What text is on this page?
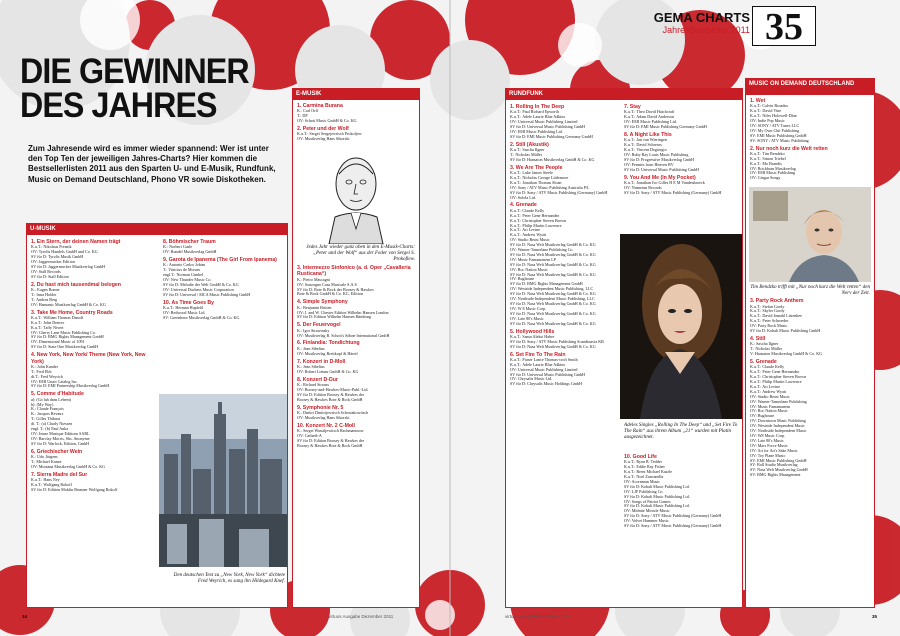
GEMA CHARTS
Jahresbestseller 2011 35
DIE GEWINNER
DES JAHRES
Zum Jahresende wird es immer wieder spannend: Wer ist unter den Top Ten der jeweiligen Jahres-Charts? Hier kommen die Bestsellerlisten 2011 aus den Sparten U- und E-Musik, Rundfunk, Music on Demand Deutschland, Phono VR sowie Diskotheken.
U-MUSIK
1. Ein Stern, der deinen Namen trägt
K.u.T.: Nikolaus Presnik
OV: Tyrolis Handels GmbH und Co. KG
SV für D: Tyrolis Musik GmbH
OV: Jaggermucker Edition
SV für D: Jaggermucker Musikverlag GmbH
OV: Stall Records
SV für D: Stall Edition
2. Du hast mich tausendmal belogen
K.: Eugen Romer
T.: Irma Holder
T.: Andrea Berg
OV: Hansanic Musikverlag GmbH & Co. KG
3. Take Me Home, Country Roads
K.u.T.: William Thomas Danoff
K.u.T.: John Denver
K.u.T.: Taffy Nivert
OV: Cherry Lane Music Publishing Co.
SV für D: BMG Rights Management GmbH
OV: Dimensional Music of 1091
SV für D: State One Musikverlag GmbH
4. New York, New York/ Theme (New York, New York)
K.: John Kander
T.: Fred Ebb
dt.T.: Fred Weyrich
OV: EMI Unart Catalog Inc.
SV für D: EMI Partnership Musikverlag GmbH
5. Comme d'Habitude
a): (Go lah dans Lebem)
b): (My Way)
K.: Claude François
K.: Jacques Revaux
T.: Gilles Thibaut
dt. T.: (a) Charly Niessen
engl. T.: (b) Paul Anka
OV: Jeune Musique Editions SARL
OV: Barclay Morris, Shs. Anonyme
SV für D: Warlock, Edition, GmbH
6. Griechischer Wein
K.: Udo Jürgens
T.: Michael Kunze
OV: Montana Musikverlag GmbH & Co. KG
7. Sierra Madre del Sur
K.u.T.: Hans Ney
K.u.T.: Wolfgang Rokoff
SV für D: Edition Moklin Brunner Wolfgang Rokoff
8. Böhmischer Traum
K.: Norbert Gasle
OV: Rundel Musikverlag GmbH
9. Garota de Ipanema (The Girl From Ipanema)
K.: Antonio Carlos Jobim
T.: Vinicius de Moraes
engl.T.: Norman Gimbel
OV: New Thunder Music Co.
SV für D: Melodie der Welt GmbH & Co. KG
OV: Universal Duchess Music Corporation
SV für D: Universal / MCA Music Publishing GmbH
10. As Time Goes By
K.u.T.: Herman Hupfeld
OV: Redwood Music Ltd.
SV: Greenhorn Musikverlag GmbH & Co. KG
Den deutschen Text zu „New York, New York“ dichtete Fred Weyrich, es sang ihn Hildegard Knef.
E-MUSIK
1. Carmina Burana
K.: Carl Orff
T.: DP
OV: Schott Music GmbH & Co. KG
2. Peter und der Wolf
K.u.T.: Sergei Sergejewitsch Prokofjew
OV: Musikverlag Hans Sikorski
Jedes Jahr wieder ganz oben in den E-Musik-Charts: „Peter und der Wolf“ aus der Feder von Sergei S. Prokofiew.
3. Intermezzo Sinfonico (a. d. Oper „Cavalleria Rusticana“)
K.: Pietro Mascagni
OV: Sonzogno Casa Musicale S.A.S
SV für D: Bote & Bock der Boosey & Hawkes
Bote & Bock GmbH & Co. KG, Edition
4. Simple Symphony
K.: Benjamin Britten
OV: J. and W. Chester Edition Wilhelm Hansen London
SV für D: Edition Wilhelm Hansen Hamburg
5. Der Feuervogel
K.: Igor Strawinsky
OV: Musikverlag B. Schott's Söhne International GmbH
6. Finlandia: Tondichtung
K.: Jean Sibelius
OV: Musikverlag Breitkopf & Härtel
7. Konzert in D-Moll
K.: Jean Sibelius
OV: Robert Lienau GmbH & Co. KG
8. Konzert D-Dur
K.: Richard Strauss
OV: Boosey-and-Hawkes-Music-Publ.-Ltd.
SV für D: Edition Boosey & Hawkes der
Boosey & Hawkes Bote & Bock GmbH
9. Symphonie Nr. 5
K.: Dmitri Dmitrijewitsch Schostakowitsch
OV: Musikverlag Hans Sikorski
10. Konzert Nr. 2 C-Moll
K.: Sergei Wassiljewitsch Rachmaninow
OV: Cathedi-A
SV für D: Edition Boosey & Hawkes der
Boosey & Hawkes Bote & Bock GmbH
RUNDFUNK
1. Rolling In The Deep
K.u.T.: Paul Richard Epworth
K.u.T.: Adele Laurie Blue Adkins
OV: Universal Music Publishing Limited
SV für D: Universal Music Publishing GmbH
OV: EMI Music Publishing Ltd.
SV für D: EMI Music Publishing Germany GmbH
2. Still (Akustik)
K.u.T.: Sascha Ilgner
T.: Nicholas Müller
SV für D: Hansaton Musikverlag GmbH & Co. KG
3. We Are The People
K.u.T.: Luke James Steele
K.u.T.: Nicholas George Littlemore
K.u.T.: Jonathan Thomas Sloan
OV: Sony / ATV Music Publishing Australia P/L
SV für D: Sony / ATV Music Publishing (Germany) GmbH
OV: Solola Ltd.
4. Grenade
K.u.T.: Claude Kelly
K.u.T.: Peter Gene Hernandez
K.u.T.: Christopher Steven Brown
K.u.T.: Philip Martin Lawrence
K.u.T.: Ari Levine
K.u.T.: Andrew Wyatt
OV: Studio Beast Music
SV für D: Nasa Welt Musikverlag GmbH & Co. KG
OV: Warner-Tamerlane Publishing Co.
SV für D: Nasa Welt Musikverlag GmbH & Co. KG
OV: Music Famamanem LP
SV für D: Nasa Welt Musikverlag GmbH & Co. KG
OV: Roc Nation Music
SV für D: Nasa Welt Musikverlag GmbH & Co. KG
OV: Bughouse
SV für D: BMG Rights Management GmbH
OV: Westside Independent Music Publishing, LLC
SV für D: Nasa Welt Musikverlag GmbH & Co. KG
OV: Northside Independent Music Publishing, LLC
SV für D: Nasa Welt Musikverlag GmbH & Co. KG
OV: W 8 Music Corp.
SV für D: Nasa Welt Musikverlag GmbH & Co. KG
OV: Late 80's Music
SV für D: Nasa Welt Musikverlag GmbH & Co. KG
5. Hollywood Hills
K.u.T.: Samu Aleksi Haber
SV für D: Sony / ATV Music Publishing Scandinavia KB
SV für D: Nasa Welt Musikverlag GmbH & Co. KG
6. Set Fire To The Rain
K.u.T.: Fraser Lance Thomas-croft Smith
K.u.T.: Adele Laurie Blue Adkins
OV: Universal Music Publishing Limited
SV für D: Universal Music Publishing GmbH
OV: Chrysalis Music Ltd.
SV für D: Chrysalis Music Holdings GmbH
7. Stay
K.u.T.: Theo David Hutchcraft
K.u.T.: Adam David Anderson
OV: EMI Music Publishing Ltd.
SV für D: EMI Music Publishing Germany GmbH
8. A Night Like This
K.u.T.: Jan van Wieringen
K.u.T.: David Schreurs
K.u.T.: Vincent Degiorgio
OV: Ruby Ray Louis Music Publishing
SV für D: Progressive Musikverlag GmbH
OV: Pennies from Heaven BV
SV für D: Universal Music Publishing GmbH
9. You And Me (In My Pocket)
K.u.T.: Jonathan Ivo Gilles H E M Vandenbroeck
OV: Numerun Records
SV für D: Sony / ATV Music Publishing (Germany) GmbH
Adeles Singles „Rolling In The Deep“ und „Set Fire To The Rain“ aus ihrem Album „21“ wurden mit Platin ausgezeichnet.
10. Good Life
K.u.T.: Ryan B. Tedder
K.u.T.: Eddie Ray Fisher
K.u.T.: Brent Michael Kutzle
K.u.T.: Noel Zancanella
OV: Acornman Music
SV für D: Kobalt Music Publishing Ltd.
OV: LJF Publishing Co.
SV für D: Kobalt Music Publishing Ltd.
OV: Songs of Patriot Games
SV für D: Kobalt Music Publishing Ltd.
OV: Midnite Miracle Music
SV für D: Sony / ATV Music Publishing (Germany) GmbH
OV: Velvet Hammer Music
SV für D: Sony / ATV Music Publishing (Germany) GmbH
MUSIC ON DEMAND DEUTSCHLAND
1. Wet
K.u.T.: Calvin Broadus
K.u.T.: David Vine
K.u.T.: Niles Holowell-Dhar
OV: Indie Pop Music
OV: SONY / ATV Tunes LLC
OV: My Own Chit Publishing
SV: EMI Music Publishing GmbH
SV: SONY / ATV Music Publishing
2. Nur noch kurz die Welt retten
K.u.T.: Tim Bendzko
K.u.T.: Simon Triebel
K.u.T.: Mo Brandis
OV: Brickbarn Musikverlag
OV: EMI Music Publishing
OV: Gingar Songs
Tim Bendzko trifft mit „Nur noch kurz die Welt retten“ den Nerv der Zeit.
3. Party Rock Anthem
K.u.T.: Stefan Gordy
K.u.T.: Skyler Gordy
K.u.T.: David Jamahl Listenbee
K.u.T.: Peter Schroeder
OV: Party Rock Music
SV für D: Kobalt Music Publishing GmbH
4. Still
K.: Sascha Ilgner
T.: Nicholas Müller
V: Hansaton Musikverlag GmbH & Co. KG
5. Grenade
K.u.T.: Claude Kelly
K.u.T.: Peter Gene Hernandez
K.u.T.: Christopher Steven Brown
K.u.T.: Philip Martin Lawrence
K.u.T.: Ari Levine
K.u.T.: Andrew Wyatt
OV: Studio Beast Music
OV: Warner-Tamerlane Publishing
OV: Music Famamanem
OV: Roc Nation Music
OV: Bughouse
OV: Downtown Music Publishing
OV: Westside Independent Music
OV: Northside Independent Music
OV: W8 Music Corp.
OV: Late 80's Music
OV: Mars Force Music
OV: Art for Art's Sake Music
OV: Toy Plane Music
SV: EMI Music Publishing GmbH
SV: Roll Studio Musikverlag
SV: Nasa Welt Musikverlag GmbH
SV: BMG Rights Management
34	virtuos Ausgabe Dezember 2011	virtuos Ausgabe Dezember 2011	35
